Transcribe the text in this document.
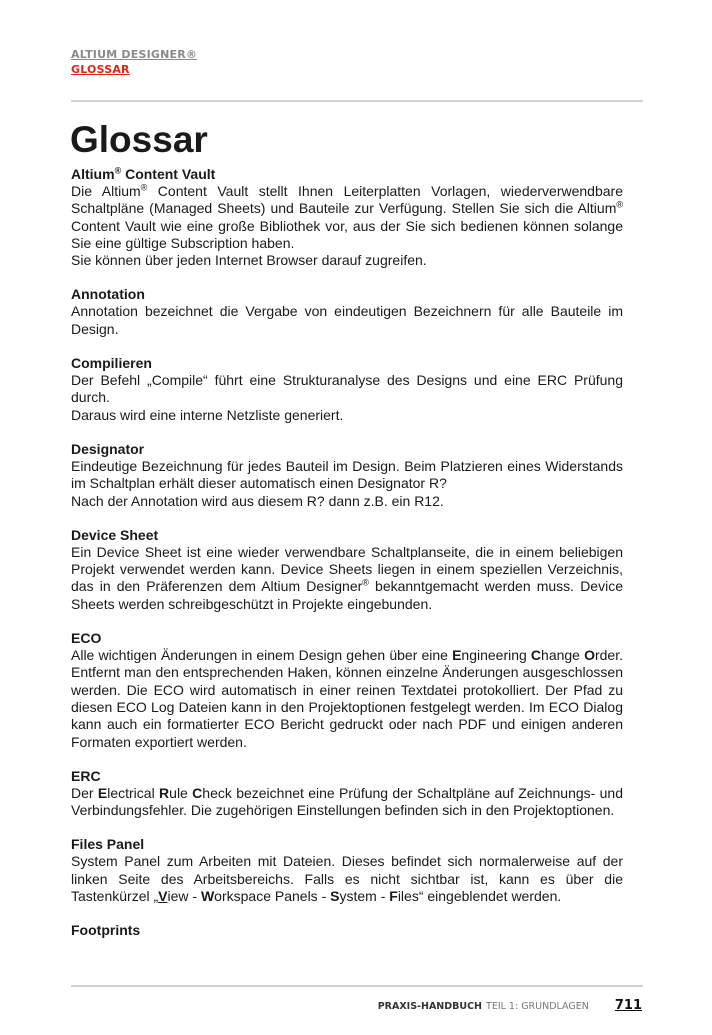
ALTIUM DESIGNER®
GLOSSAR
Glossar
Altium® Content Vault
Die Altium® Content Vault stellt Ihnen Leiterplatten Vorlagen, wiederverwendbare Schaltpläne (Managed Sheets) und Bauteile zur Verfügung. Stellen Sie sich die Altium® Content Vault wie eine große Bibliothek vor, aus der Sie sich bedienen können solange Sie eine gültige Subscription haben.
Sie können über jeden Internet Browser darauf zugreifen.
Annotation
Annotation bezeichnet die Vergabe von eindeutigen Bezeichnern für alle Bauteile im Design.
Compilieren
Der Befehl „Compile“ führt eine Strukturanalyse des Designs und eine ERC Prüfung durch.
Daraus wird eine interne Netzliste generiert.
Designator
Eindeutige Bezeichnung für jedes Bauteil im Design. Beim Platzieren eines Widerstands im Schaltplan erhält dieser automatisch einen Designator R?
Nach der Annotation wird aus diesem R? dann z.B. ein R12.
Device Sheet
Ein Device Sheet ist eine wieder verwendbare Schaltplanseite, die in einem beliebigen Projekt verwendet werden kann. Device Sheets liegen in einem speziellen Verzeichnis, das in den Präferenzen dem Altium Designer® bekanntgemacht werden muss. Device Sheets werden schreibgeschützt in Projekte eingebunden.
ECO
Alle wichtigen Änderungen in einem Design gehen über eine Engineering Change Order. Entfernt man den entsprechenden Haken, können einzelne Änderungen ausgeschlossen werden. Die ECO wird automatisch in einer reinen Textdatei protokolliert. Der Pfad zu diesen ECO Log Dateien kann in den Projektoptionen festgelegt werden. Im ECO Dialog kann auch ein formatierter ECO Bericht gedruckt oder nach PDF und einigen anderen Formaten exportiert werden.
ERC
Der Electrical Rule Check bezeichnet eine Prüfung der Schaltpläne auf Zeichnungs- und Verbindungsfehler. Die zugehörigen Einstellungen befinden sich in den Projektoptionen.
Files Panel
System Panel zum Arbeiten mit Dateien. Dieses befindet sich normalerweise auf der linken Seite des Arbeitsbereichs. Falls es nicht sichtbar ist, kann es über die Tastenkürzel „View - Workspace Panels - System - Files“ eingeblendet werden.
Footprints
PRAXIS-HANDBUCH TEIL 1: GRUNDLAGEN 711
